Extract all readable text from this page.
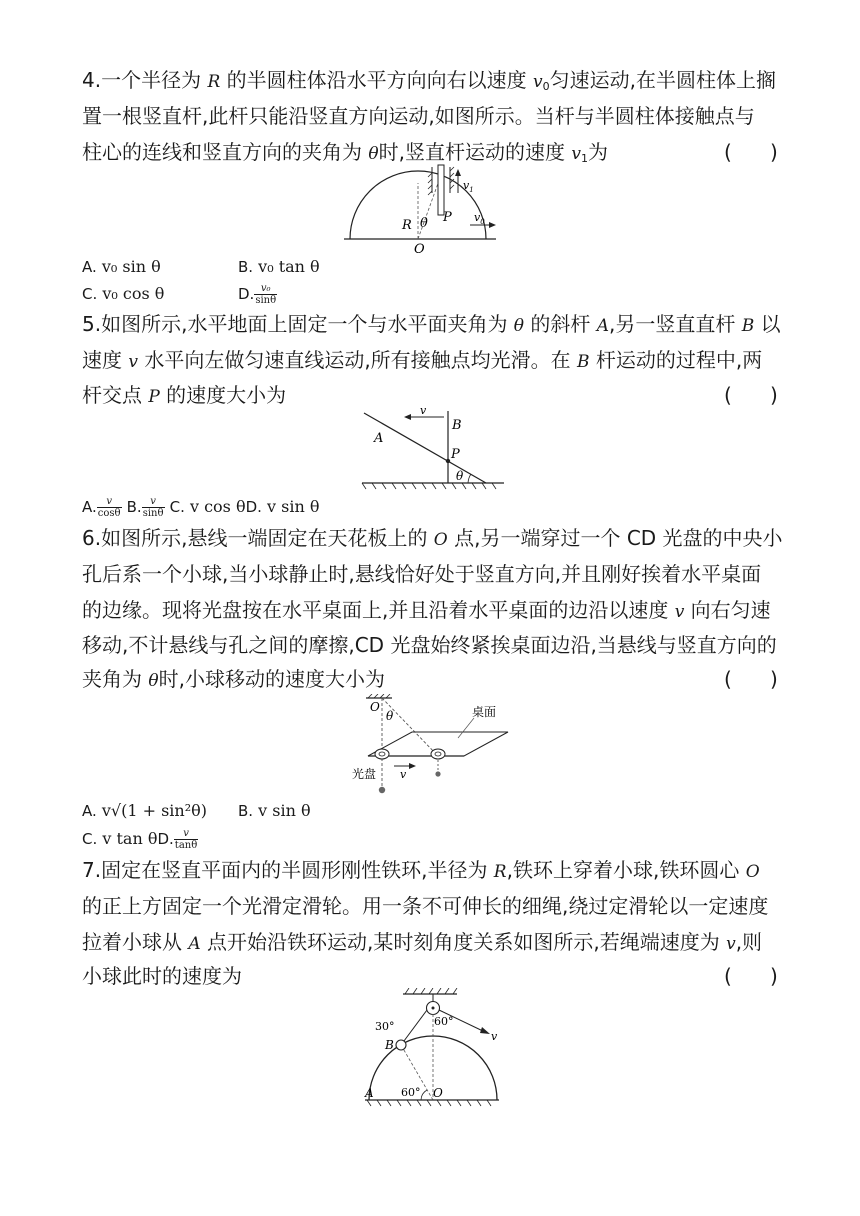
4.一个半径为 R 的半圆柱体沿水平方向向右以速度 $v_0$匀速运动,在半圆柱体上搁
置一根竖直杆,此杆只能沿竖直方向运动,如图所示。当杆与半圆柱体接触点与
柱心的连线和竖直方向的夹角为 θ时,竖直杆运动的速度 $v_1$为	(      )
$v_1$
$v_0$
R θ P
O
A. v₀ sin θ	B. v₀ tan θ
C. v₀ cos θ	D. $\frac{\text{v₀}}{\sin\theta}$
5.如图所示,水平地面上固定一个与水平面夹角为 θ 的斜杆 A,另一竖直直杆 B 以
速度 v 水平向左做匀速直线运动,所有接触点均光滑。在 B 杆运动的过程中,两
杆交点 P 的速度大小为	(      )
v
B
A
P
θ
A. $\frac{v}{\cos\theta} B$. $\frac{v}{\sin\theta} C$. v cos θD. v sin θ
6.如图所示,悬线一端固定在天花板上的 O 点,另一端穿过一个 CD 光盘的中央小
孔后系一个小球,当小球静止时,悬线恰好处于竖直方向,并且刚好挨着水平桌面
的边缘。现将光盘按在水平桌面上,并且沿着水平桌面的边沿以速度 v 向右匀速
移动,不计悬线与孔之间的摩擦,CD 光盘始终紧挨桌面边沿,当悬线与竖直方向的
夹角为 θ时,小球移动的速度大小为	(      )
O
θ	桌面
光盘 v
A. v√(1 + sin²θ) B. v sin θ
C. v tan θD. $\frac{v}{\tan\theta}$
7.固定在竖直平面内的半圆形刚性铁环,半径为 R,铁环上穿着小球,铁环圆心 O
的正上方固定一个光滑定滑轮。用一条不可伸长的细绳,绕过定滑轮以一定速度
拉着小球从 A 点开始沿铁环运动,某时刻角度关系如图所示,若绳端速度为 v,则
小球此时的速度为	(      )
30°	60°
v
B
A 60° O
